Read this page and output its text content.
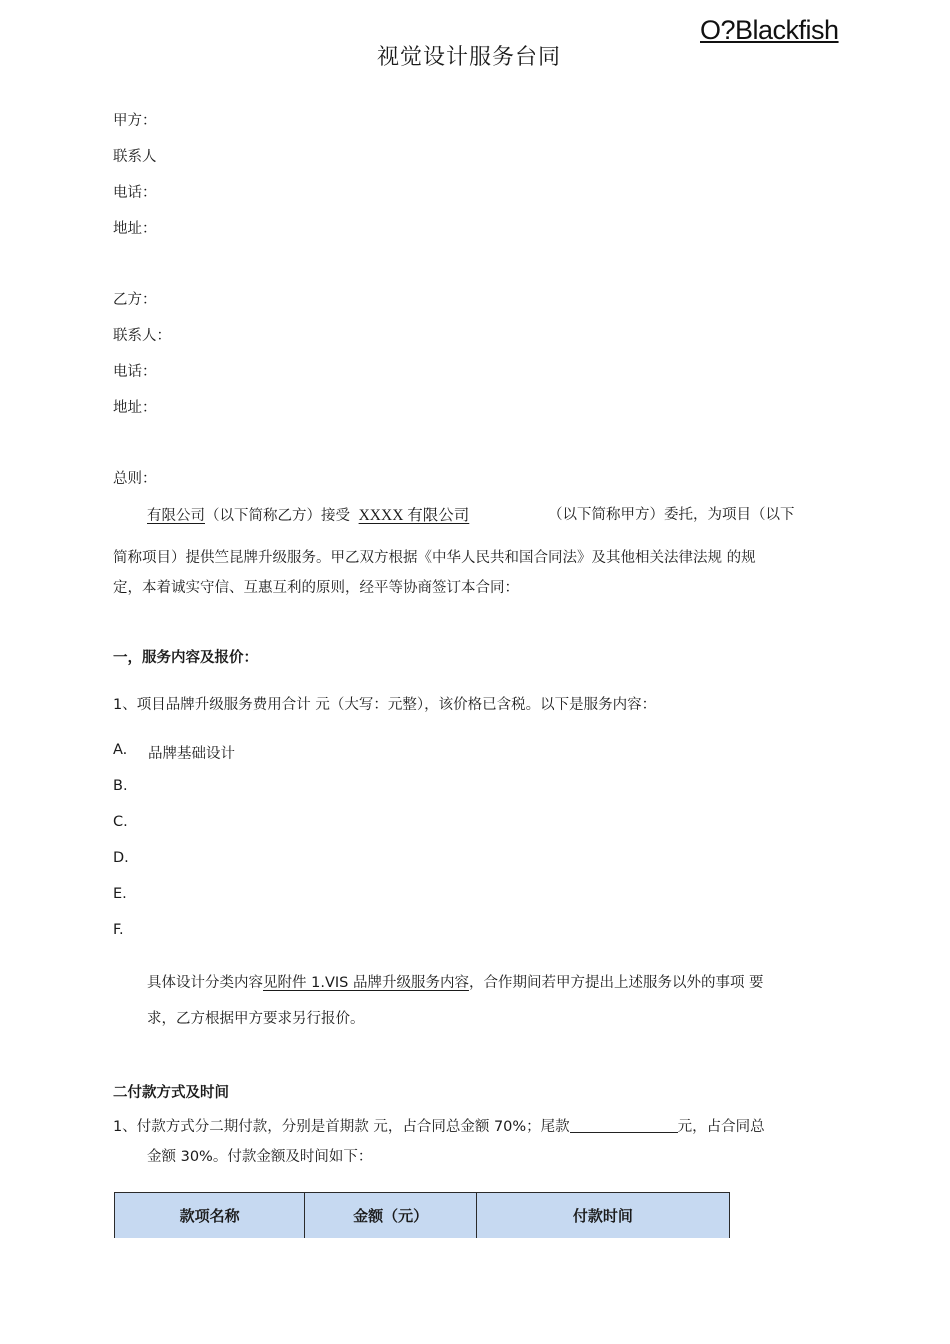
视觉设计服务台同
O?Blackfish
甲方：
联系人
电话：
地址：
乙方：
联系人：
电话：
地址：
总则：
有限公司（以下简称乙方）接受 XXXX 有限公司	（以下简称甲方）委托，为项目（以下
简称项目）提供竺昆牌升级服务。甲乙双方根据《中华人民共和国合同法》及其他相关法律法规 的规
定，本着诚实守信、互惠互利的原则，经平等协商签订本合同：
一，服务内容及报价：
1、项目品牌升级服务费用合计 元（大写：元整），该价格已含税。以下是服务内容：
A. 品牌基础设计
B.
C.
D.
E.
F.
具体设计分类内容见附件 1.VIS 品牌升级服务内容，合作期间若甲方提出上述服务以外的事项 要
求，乙方根据甲方要求另行报价。
二付款方式及时间
1、付款方式分二期付款，分别是首期款 元，占合同总金额 70%；尾款	元，占合同总
金额 30%。付款金额及时间如下：
款项名称	金额（元）	付款时间
